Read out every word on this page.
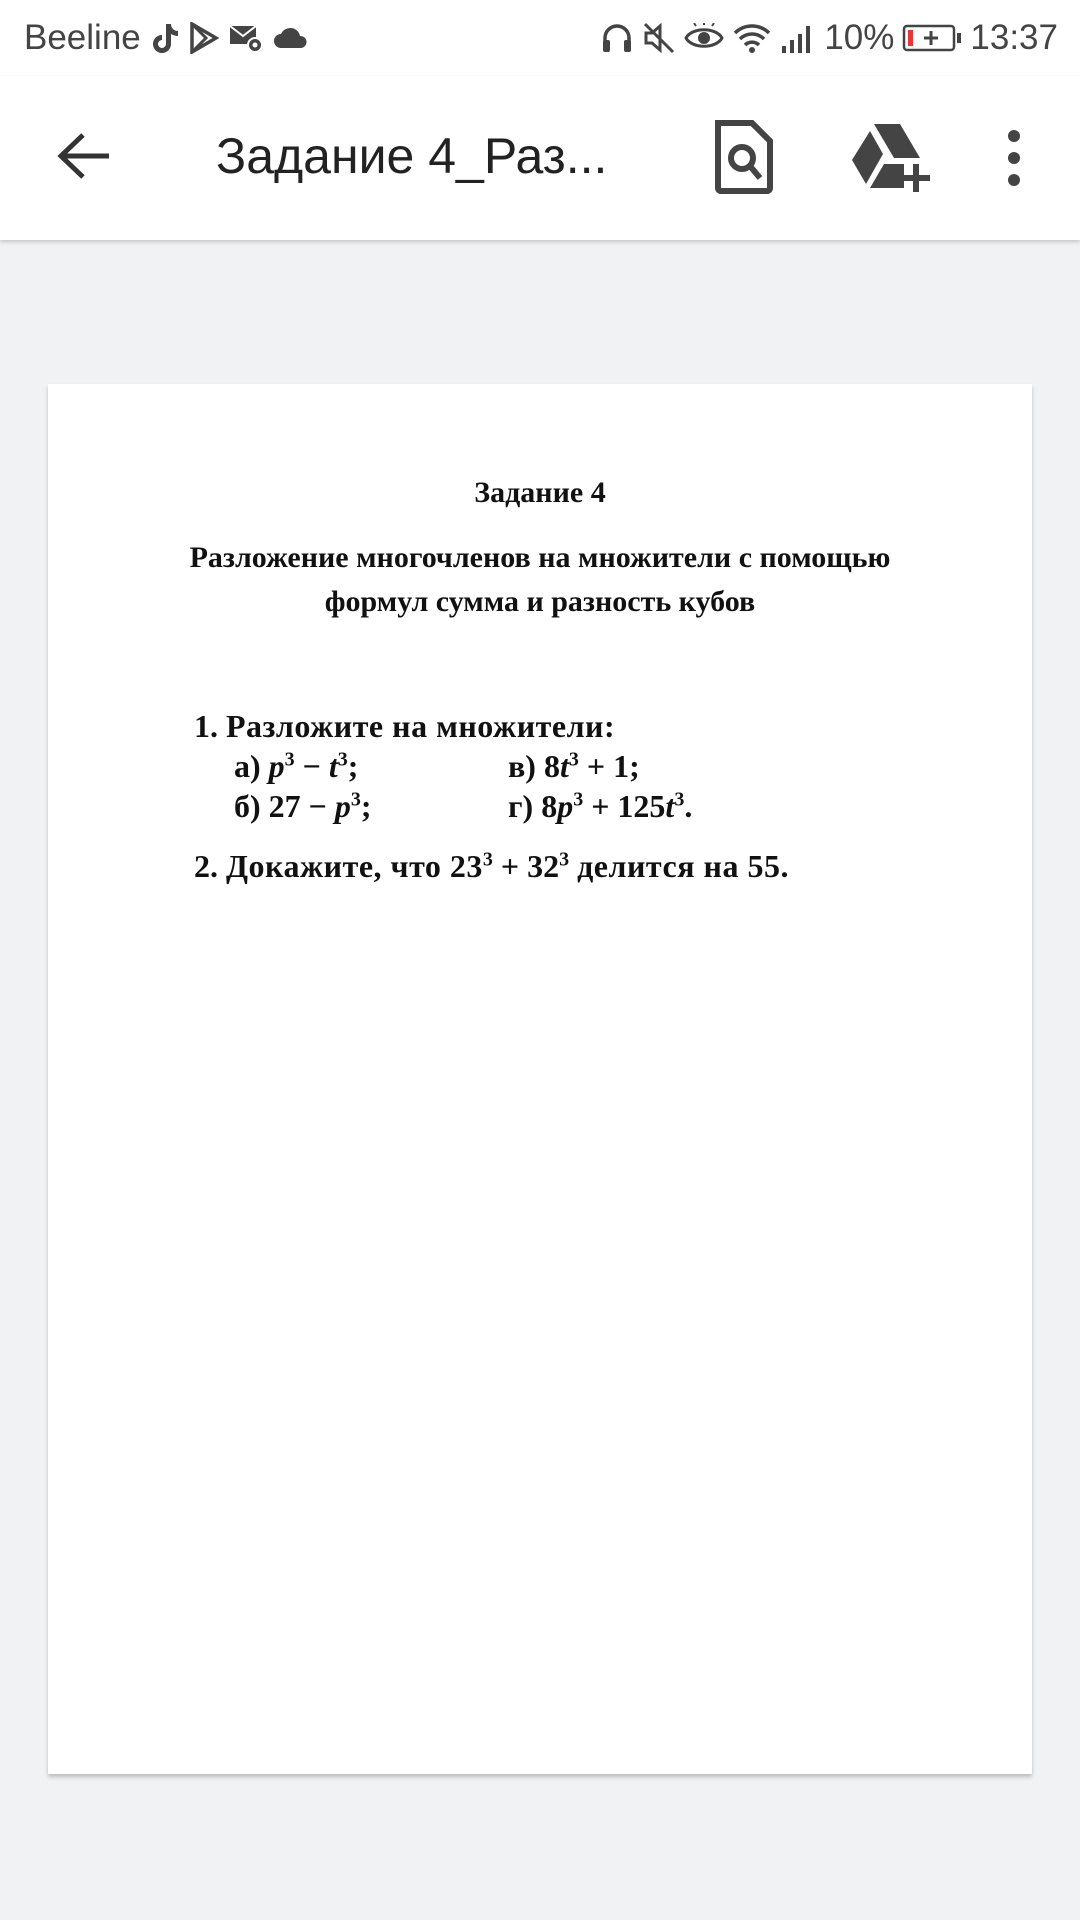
Beeline	10% 13:37
Задание 4_Раз...
Задание 4
Разложение многочленов на множители с помощью
формул сумма и разность кубов
1. Разложите на множители:
а) $p^3 - t^3$;
б) $27 - p^3$;
в) $8t^3 + 1$;
г) $8p^3 + 125t^3$.
2. Докажите, что $23^3 + 32^3$ делится на 55.
